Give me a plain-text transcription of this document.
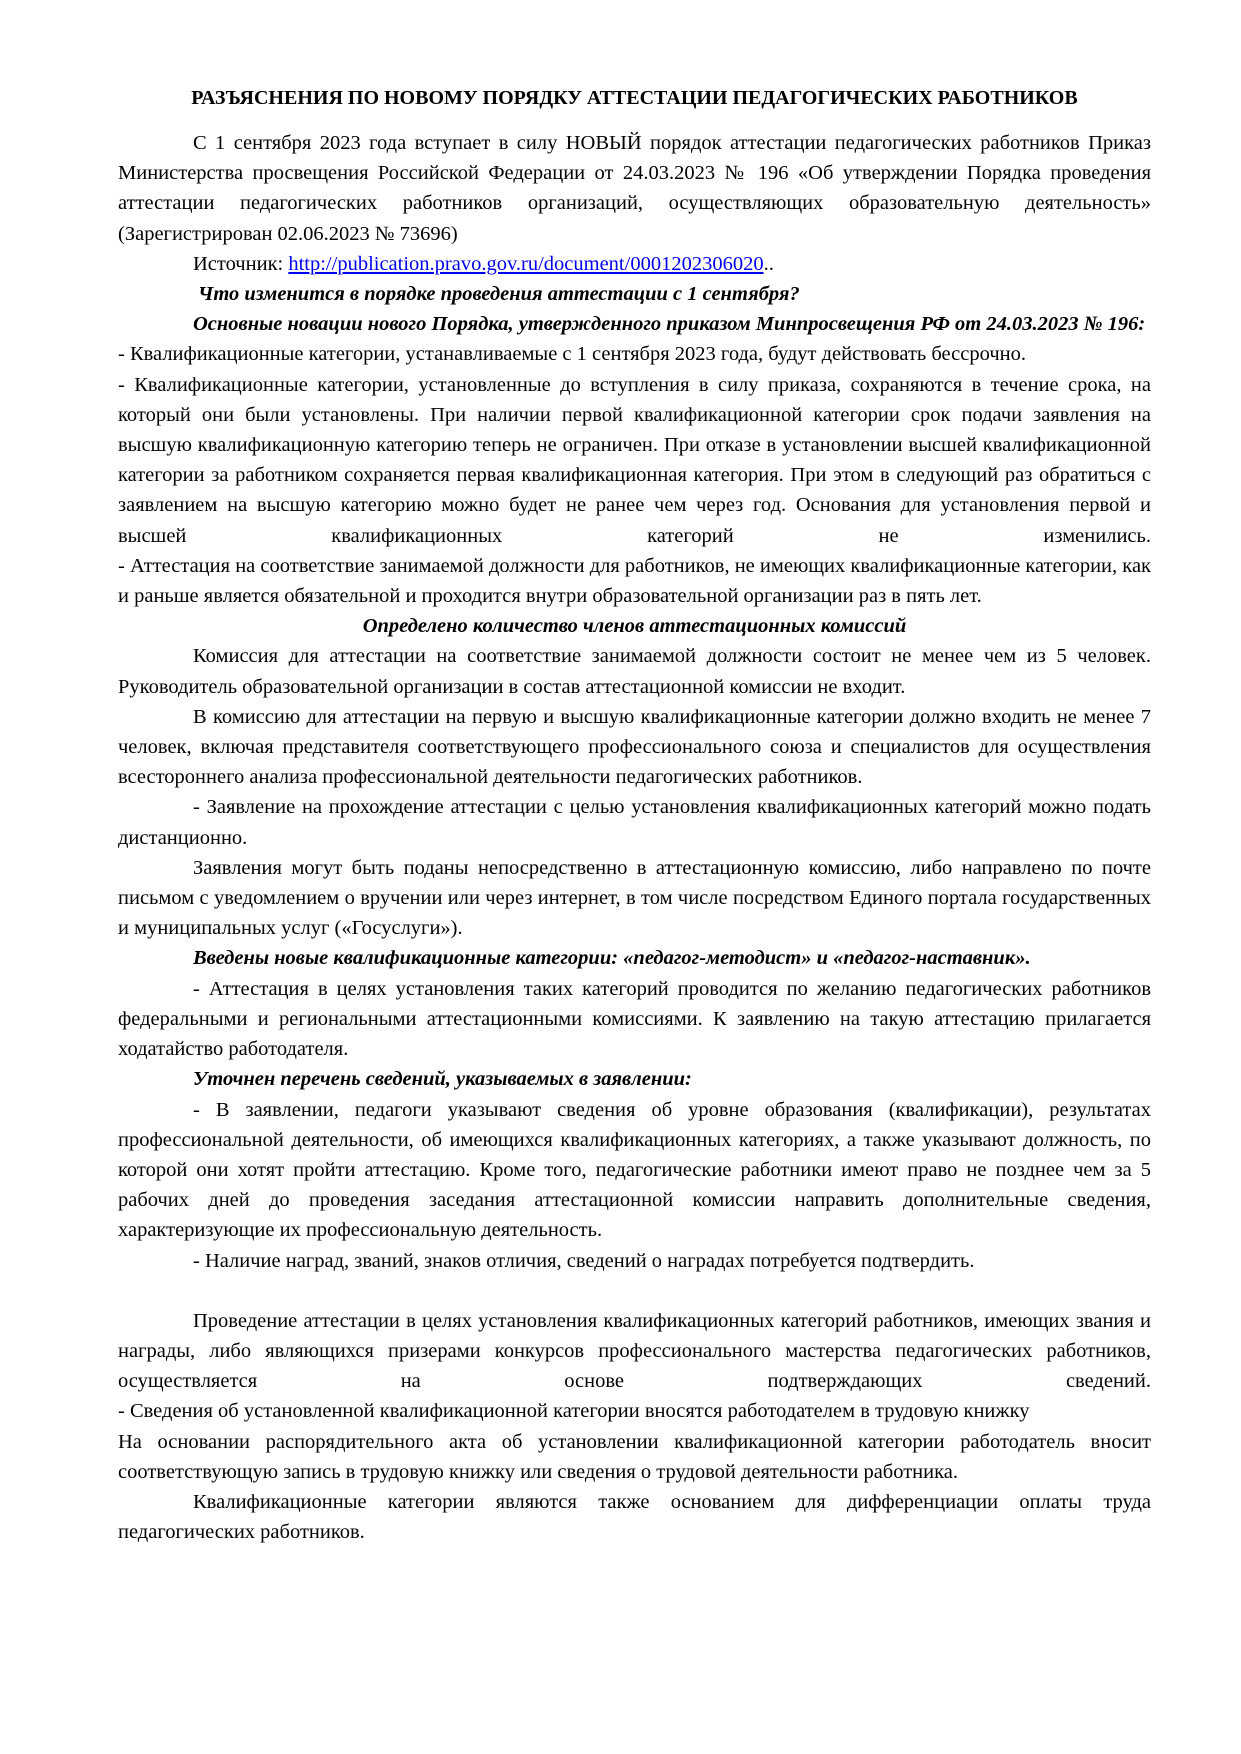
РАЗЪЯСНЕНИЯ ПО НОВОМУ ПОРЯДКУ АТТЕСТАЦИИ ПЕДАГОГИЧЕСКИХ РАБОТНИКОВ

С 1 сентября 2023 года вступает в силу НОВЫЙ порядок аттестации педагогических работников Приказ Министерства просвещения Российской Федерации от 24.03.2023 № 196 «Об утверждении Порядка проведения аттестации педагогических работников организаций, осуществляющих образовательную деятельность» (Зарегистрирован 02.06.2023 № 73696)

Источник: http://publication.pravo.gov.ru/document/0001202306020..

Что изменится в порядке проведения аттестации с 1 сентября?

Основные новации нового Порядка, утвержденного приказом Минпросвещения РФ от 24.03.2023 № 196:

- Квалификационные категории, устанавливаемые с 1 сентября 2023 года, будут действовать бессрочно.

- Квалификационные категории, установленные до вступления в силу приказа, сохраняются в течение срока, на который они были установлены. При наличии первой квалификационной категории срок подачи заявления на высшую квалификационную категорию теперь не ограничен. При отказе в установлении высшей квалификационной категории за работником сохраняется первая квалификационная категория. При этом в следующий раз обратиться с заявлением на высшую категорию можно будет не ранее чем через год. Основания для установления первой и высшей квалификационных категорий не изменились.

- Аттестация на соответствие занимаемой должности для работников, не имеющих квалификационные категории, как и раньше является обязательной и проходится внутри образовательной организации раз в пять лет.

Определено количество членов аттестационных комиссий

Комиссия для аттестации на соответствие занимаемой должности состоит не менее чем из 5 человек. Руководитель образовательной организации в состав аттестационной комиссии не входит.

В комиссию для аттестации на первую и высшую квалификационные категории должно входить не менее 7 человек, включая представителя соответствующего профессионального союза и специалистов для осуществления всестороннего анализа профессиональной деятельности педагогических работников.

- Заявление на прохождение аттестации с целью установления квалификационных категорий можно подать дистанционно.

Заявления могут быть поданы непосредственно в аттестационную комиссию, либо направлено по почте письмом с уведомлением о вручении или через интернет, в том числе посредством Единого портала государственных и муниципальных услуг («Госуслуги»).

Введены новые квалификационные категории: «педагог-методист» и «педагог-наставник».

- Аттестация в целях установления таких категорий проводится по желанию педагогических работников федеральными и региональными аттестационными комиссиями. К заявлению на такую аттестацию прилагается ходатайство работодателя.

Уточнен перечень сведений, указываемых в заявлении:

- В заявлении, педагоги указывают сведения об уровне образования (квалификации), результатах профессиональной деятельности, об имеющихся квалификационных категориях, а также указывают должность, по которой они хотят пройти аттестацию. Кроме того, педагогические работники имеют право не позднее чем за 5 рабочих дней до проведения заседания аттестационной комиссии направить дополнительные сведения, характеризующие их профессиональную деятельность.

- Наличие наград, званий, знаков отличия, сведений о наградах потребуется подтвердить.

Проведение аттестации в целях установления квалификационных категорий работников, имеющих звания и награды, либо являющихся призерами конкурсов профессионального мастерства педагогических работников, осуществляется на основе подтверждающих сведений.

- Сведения об установленной квалификационной категории вносятся работодателем в трудовую книжку

На основании распорядительного акта об установлении квалификационной категории работодатель вносит соответствующую запись в трудовую книжку или сведения о трудовой деятельности работника.

Квалификационные категории являются также основанием для дифференциации оплаты труда педагогических работников.
